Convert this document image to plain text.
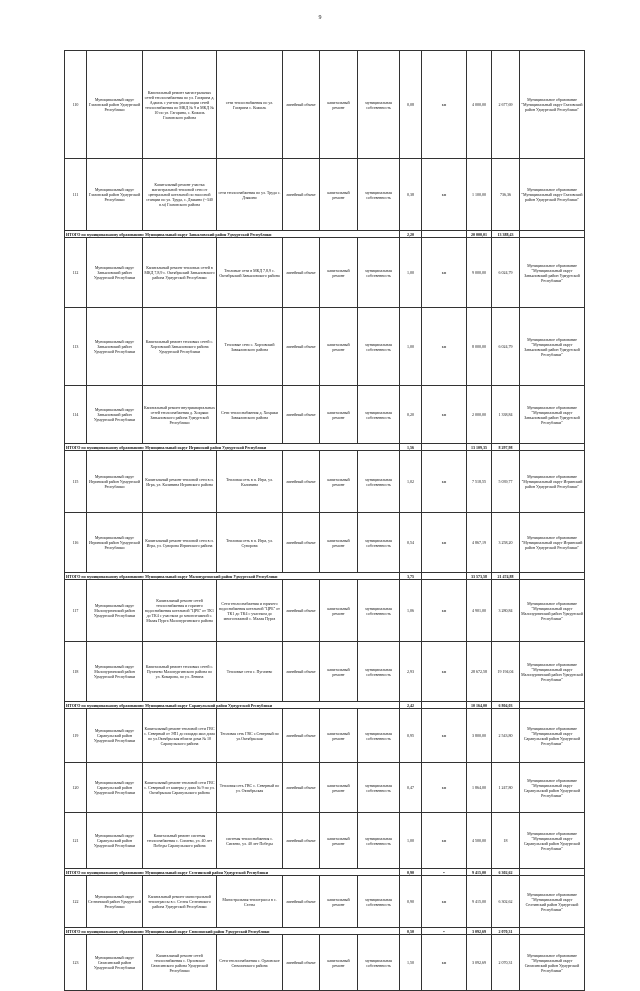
9
110	Муниципальный округ Глазовский район Удмуртской Республики	Капитальный ремонт магистральных сетей теплоснабжения по ул. Гагарина д. Адамль с учетом реализации сетей теплоснабжения по МКД № 9 и МКД № 10 по ул. Гагарина, с. Кожиль Глазовского района	сети теплоснабжения по ул. Гагарина с. Кожиль	линейный объект	капитальный ремонт	муниципальная собственность	0,08	км	4 000,00	2 677,69	Муниципальное образование "Муниципальный округ Глазовский район Удмуртской Республики"
111	Муниципальный округ Глазовский район Удмуртской Республики	Капитальный ремонт участка магистральной тепловой сети от центральной котельной по насосной станции по ул. Труда, с. Дзякино (~340 п.м) Глазовского района	сети теплоснабжения по ул. Труда с. Дзякино	линейный объект	капитальный ремонт	муниципальная собственность	0,38	км	1 100,00	736,36	Муниципальное образование "Муниципальный округ Глазовский район Удмуртской Республики"
ИТОГО по муниципальному образованию: Муниципальный округ Завьяловский район Удмуртской Республики							2,20		20 000,01	13 388,43	
112	Муниципальный округ Завьяловский район Удмуртской Республики	Капитальный ремонт тепловых сетей в МКД 7,8,9 с. Октябрьский Завьяловского района Удмуртской Республики	Тепловые сети в МКД 7,8,9 с. Октябрьский Завьяловского района	линейный объект	капитальный ремонт	муниципальная собственность	1,00	км	9 000,00	6 024,79	Муниципальное образование "Муниципальный округ Завьяловский район Удмуртской Республики"
113	Муниципальный округ Завьяловский район Удмуртской Республики	Капитальный ремонт тепловых сетей с. Хорзовский Завьяловского района Удмуртской Республики	Тепловые сети с. Хорзовский Завьяловского района	линейный объект	капитальный ремонт	муниципальная собственность	1,00	км	8 000,00	6 024,79	Муниципальное образование "Муниципальный округ Завьяловский район Удмуртской Республики"
114	Муниципальный округ Завьяловский район Удмуртской Республики	Капитальный ремонт внутриквартальных сетей теплоснабжения д. Хохряки Завьяловского района Удмуртской Республики	Сети теплоснабжения д. Хохряки Завьяловского района	линейный объект	капитальный ремонт	муниципальная собственность	0,20	км	2 000,00	1 338,84	Муниципальное образование "Муниципальный округ Завьяловский район Удмуртской Республики"
ИТОГО по муниципальному образованию: Муниципальный округ Игринский район Удмуртской Республики							1,56		13 109,35	8 297,98	
115	Муниципальный округ Игринский район Удмуртской Республики	Капитальный ремонт тепловой сети в п. Игра, ул. Калинина Игринского района	Тепловая сеть в п. Игра, ул. Калинина	линейный объект	капитальный ремонт	муниципальная собственность	1,02	км	7 518,55	5 039,77	Муниципальное образование "Муниципальный округ Игринский район Удмуртской Республики"
116	Муниципальный округ Игринский район Удмуртской Республики	Капитальный ремонт тепловой сети в п. Игра, ул. Суворова Игринского района	Тепловая сеть в п. Игра, ул. Суворова	линейный объект	капитальный ремонт	муниципальная собственность	0,54	км	4 867,19	3 258,20	Муниципальное образование "Муниципальный округ Игринский район Удмуртской Республики"
ИТОГО по муниципальному образованию: Муниципальный округ Малопургинский район Удмуртской Республики							3,75		33 573,58	21 474,88	
117	Муниципальный округ Малопургинский район Удмуртской Республики	Капитальный ремонт сетей теплоснабжения и горячего водоснабжения котельной "ЦРБ" от ТК1 до ТК4 с участком до многоэтажной с. Малая Пурга Малопургинского района	Сети теплоснабжения и горячего водоснабжения котельной "ЦРБ" от ТК1 до ТК4 с участком до многоэтажной с. Малая Пурга	линейный объект	капитальный ремонт	муниципальная собственность	1,06	км	4 901,00	3 280,84	Муниципальное образование "Муниципальный округ Малопургинский район Удмуртской Республики"
118	Муниципальный округ Малопургинский район Удмуртской Республики	Капитальный ремонт тепловых сетей с. Пугачево Малопургинского района по ул. Комарова, по ул. Ленина	Тепловые сети с. Пугачево	линейный объект	капитальный ремонт	муниципальная собственность	2,93	км	28 672,58	19 194,04	Муниципальное образование "Муниципальный округ Малопургинский район Удмуртской Республики"
ИТОГО по муниципальному образованию: Муниципальный округ Сарапульский район Удмуртской Республики							2,42		10 164,00	6 804,03	
119	Муниципальный округ Сарапульский район Удмуртской Республики	Капитальный ремонт тепловой сети ГВС с. Северный от ЭП1 до пощади жил дома по ул.Октябрьская вблизи дома № 10 Сарапульского района	Тепловая сеть ГВС с.Северный по ул.Октябрьская	линейный объект	капитальный ремонт	муниципальная собственность	0,95	км	3 800,00	2 543,80	Муниципальное образование "Муниципальный округ Сарапульский район Удмуртской Республики"
120	Муниципальный округ Сарапульский район Удмуртской Республики	Капитальный ремонт тепловой сети ГВС с. Северный от камеры у дома № 9 по ул. Октябрьская Сарапульского района	Тепловая сеть ГВС с. Северный по ул. Октябрьская	линейный объект	капитальный ремонт	муниципальная собственность	0,47	км	1 864,00	1 247,80	Муниципальное образование "Муниципальный округ Сарапульский район Удмуртской Республики"
121	Муниципальный округ Сарапульский район Удмуртской Республики	Капитальный ремонт системы теплоснабжения с. Сигаево, ул. 40 лет Победы Сарапульского района	системы теплоснабжения с. Сигаево, ул. 40 лет Победы	линейный объект	капитальный ремонт	муниципальная собственность	1,00	км	4 500,00	18	Муниципальное образование "Муниципальный округ Сарапульский район Удмуртской Республики"
ИТОГО по муниципальному образованию: Муниципальный округ Селтинский район Удмуртской Республики							0,90	•	9 415,00	6 302,62	
122	Муниципальный округ Селтинский район Удмуртской Республики	Капитальный ремонт магистральной теплотрассы в с. Селты Селтинского района Удмуртской Республики	Магистральная теплотрасса в с. Селты	линейный объект	капитальный ремонт	муниципальная собственность	0,90	км	9 415,00	6 302,62	Муниципальное образование "Муниципальный округ Селтинский район Удмуртской Республики"
ИТОГО по муниципальному образованию: Муниципальный округ Сюмсинский район Удмуртской Республики							0,50	•	3 092,69	2 070,31	
123	Муниципальный округ Сюмсинский район Удмуртской Республики	Капитальный ремонт сетей теплоснабжения с. Орловское Сюмсинского района Удмуртской Республики	Сети теплоснабжения с. Орловское Сюмсинского района	линейный объект	капитальный ремонт	муниципальная собственность	1,50	км	3 092,69	2 070,31	Муниципальное образование "Муниципальный округ Сюмсинский район Удмуртской Республики"
